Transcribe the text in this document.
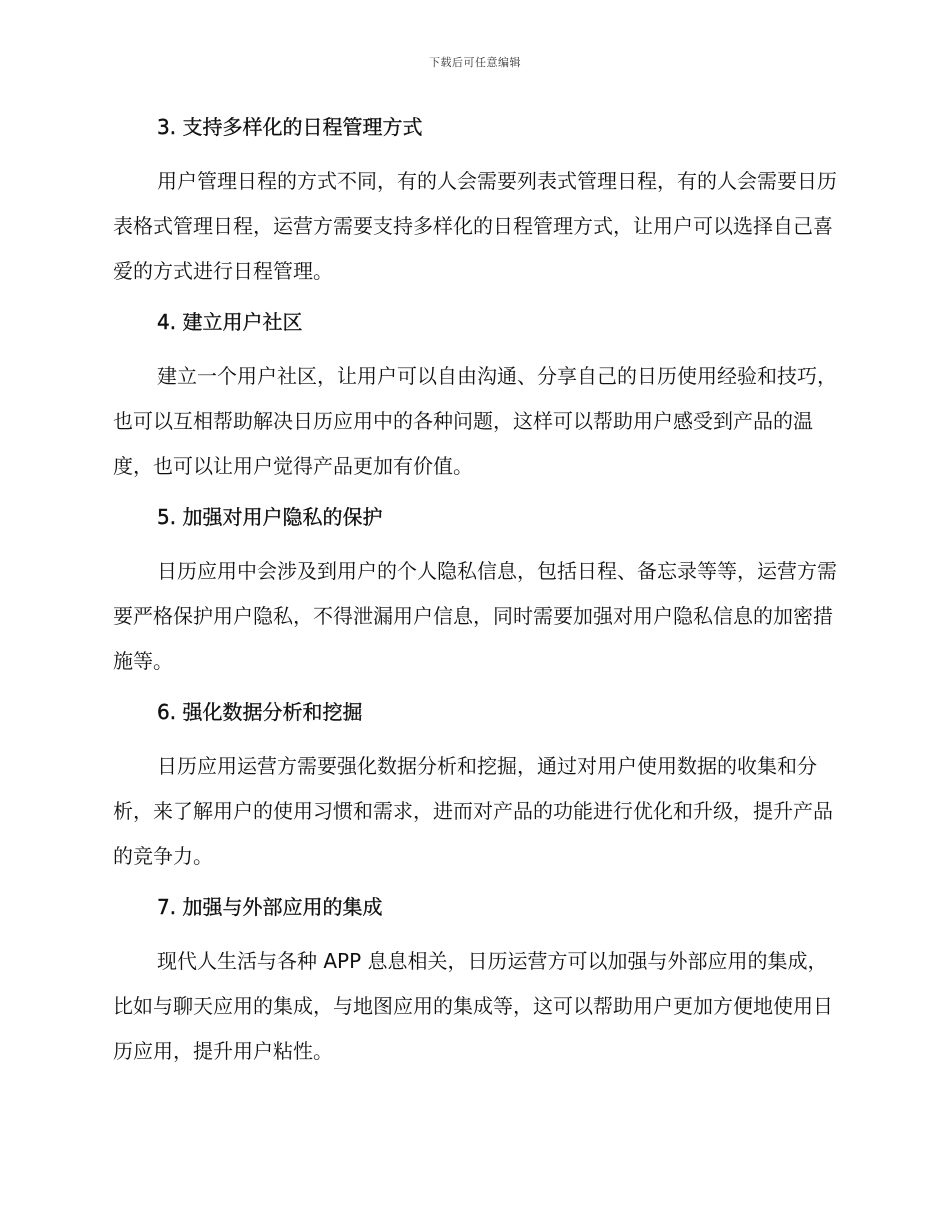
下载后可任意编辑
3. 支持多样化的日程管理方式

用户管理日程的方式不同，有的人会需要列表式管理日程，有的人会需要日历表格式管理日程，运营方需要支持多样化的日程管理方式，让用户可以选择自己喜爱的方式进行日程管理。

4. 建立用户社区

建立一个用户社区，让用户可以自由沟通、分享自己的日历使用经验和技巧，也可以互相帮助解决日历应用中的各种问题，这样可以帮助用户感受到产品的温度，也可以让用户觉得产品更加有价值。

5. 加强对用户隐私的保护

日历应用中会涉及到用户的个人隐私信息，包括日程、备忘录等等，运营方需要严格保护用户隐私，不得泄漏用户信息，同时需要加强对用户隐私信息的加密措施等。

6. 强化数据分析和挖掘

日历应用运营方需要强化数据分析和挖掘，通过对用户使用数据的收集和分析，来了解用户的使用习惯和需求，进而对产品的功能进行优化和升级，提升产品的竞争力。

7. 加强与外部应用的集成

现代人生活与各种 APP 息息相关，日历运营方可以加强与外部应用的集成，比如与聊天应用的集成，与地图应用的集成等，这可以帮助用户更加方便地使用日历应用，提升用户粘性。
